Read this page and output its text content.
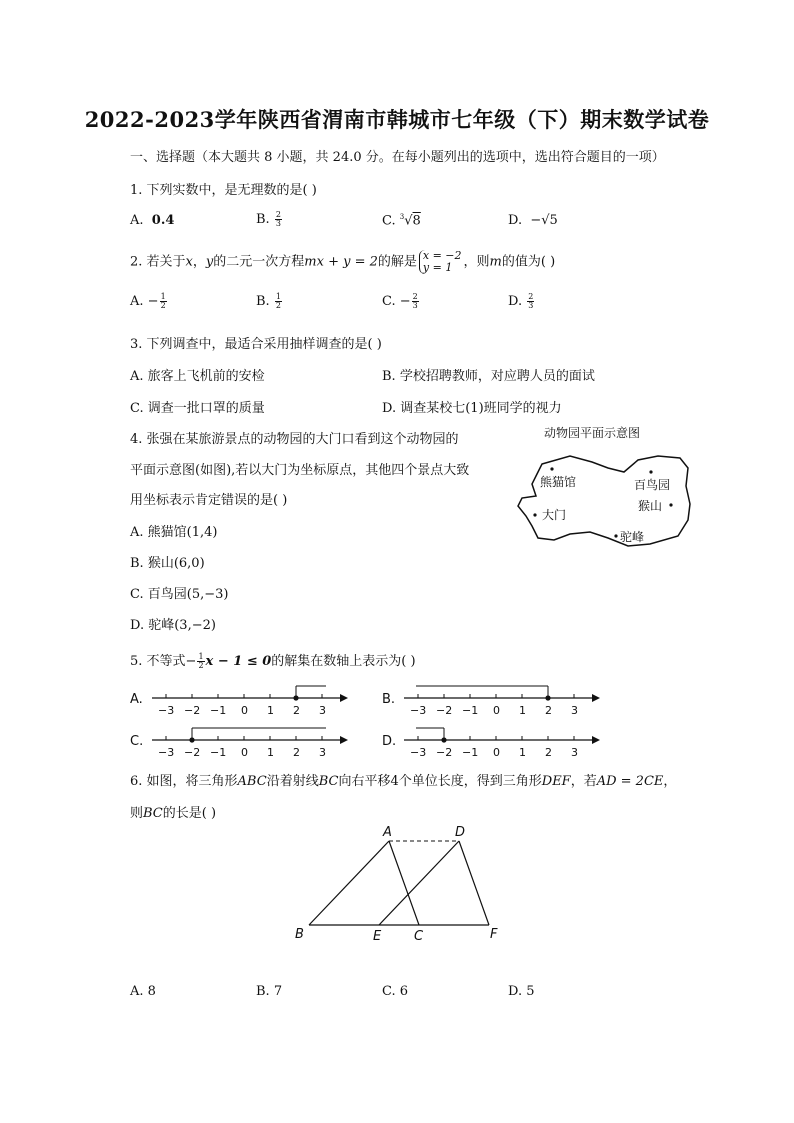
2022-2023学年陕西省渭南市韩城市七年级（下）期末数学试卷
一、选择题（本大题共 8 小题，共 24.0 分。在每小题列出的选项中，选出符合题目的一项）
1. 下列实数中，是无理数的是( )
A. 0.4	B. $\frac{2}{3}$	C. $^3$√8	D. −√5
2. 若关于x，y的二元一次方程mx + y = 2的解是 x = −2
y = 1 ，则m的值为( )
A. − $\frac{1}{2}$	B. $\frac{1}{2}$	C. − $\frac{2}{3}$	D. $\frac{2}{3}$
3. 下列调查中，最适合采用抽样调查的是( )
A. 旅客上飞机前的安检	B. 学校招聘教师，对应聘人员的面试
C. 调查一批口罩的质量	D. 调查某校七(1)班同学的视力
4. 张强在某旅游景点的动物园的大门口看到这个动物园的
平面示意图(如图),若以大门为坐标原点，其他四个景点大致
用坐标表示肯定错误的是( )
A. 熊猫馆(1,4)
B. 猴山(6,0)
C. 百鸟园(5,−3)
D. 驼峰(3,−2)
动物园平面示意图
熊猫馆	百鸟园
猴山
大门
驼峰
5. 不等式− $\frac{1}{2}$ x − 1 ≤ 0的解集在数轴上表示为( )
A.
−3 −2 −1 0 1 2 3
B.
−3 −2 −1 0 1 2 3
C.
−3 −2 −1 0 1 2 3
D.
−3 −2 −1 0 1 2 3
6. 如图，将三角形ABC沿着射线BC向右平移4个单位长度，得到三角形DEF，若AD = 2CE，
则BC的长是( )
A	D
B	E	C	F
A. 8	B. 7	C. 6	D. 5
